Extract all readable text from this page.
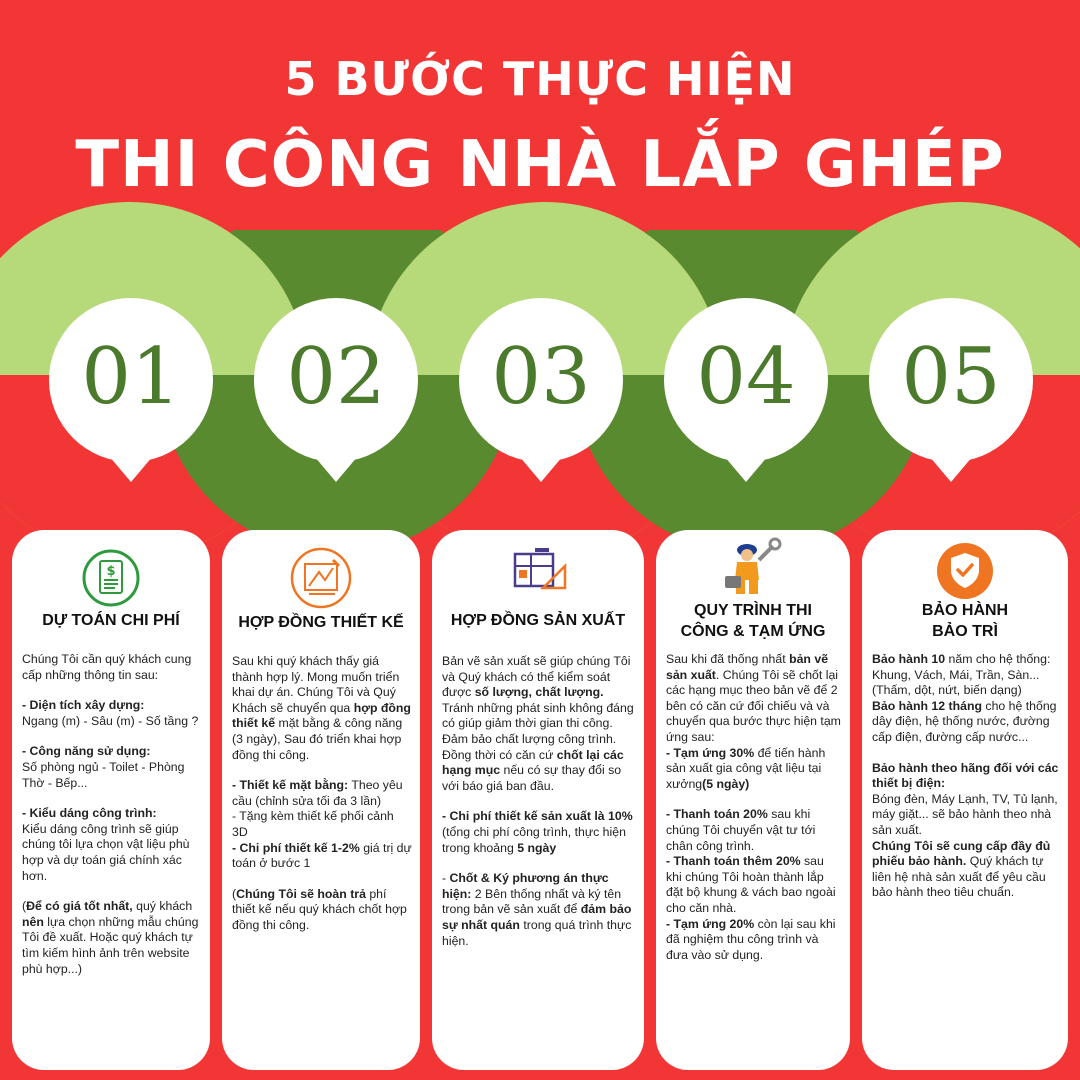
5 BƯỚC THỰC HIỆN
THI CÔNG NHÀ LẮP GHÉP
01	02	03	04	05
$
DỰ TOÁN CHI PHÍ

Chúng Tôi cần quý khách cung cấp những thông tin sau:

- Diện tích xây dựng:

Ngang (m) - Sâu (m) - Số tầng ?

- Công năng sử dụng:

Số phòng ngủ - Toilet - Phòng Thờ - Bếp...

- Kiểu dáng công trình:

Kiểu dáng công trình sẽ giúp chúng tôi lựa chọn vật liệu phù hợp và dự toán giá chính xác hơn.

(Để có giá tốt nhất, quý khách nên lựa chọn những mẫu chúng Tôi đề xuất. Hoặc quý khách tự tìm kiếm hình ảnh trên website phù hợp...)

HỢP ĐỒNG THIẾT KẾ

Sau khi quý khách thấy giá thành hợp lý. Mong muốn triển khai dự án. Chúng Tôi và Quý Khách sẽ chuyển qua hợp đồng thiết kế mặt bằng & công năng (3 ngày), Sau đó triển khai hợp đồng thi công.

- Thiết kế mặt bằng: Theo yêu cầu (chỉnh sửa tối đa 3 lần)

- Tặng kèm thiết kế phối cảnh 3D

- Chi phí thiết kế 1-2% giá trị dự toán ở bước 1

(Chúng Tôi sẽ hoàn trả phí thiết kế nếu quý khách chốt hợp đồng thi công.

HỢP ĐỒNG SẢN XUẤT

Bản vẽ sản xuất sẽ giúp chúng Tôi và Quý khách có thể kiểm soát được số lượng, chất lượng. Tránh những phát sinh không đáng có giúp giảm thời gian thi công. Đảm bảo chất lượng công trình. Đồng thời có căn cứ chốt lại các hạng mục nếu có sự thay đổi so với báo giá ban đầu.

- Chi phí thiết kế sản xuất là 10% (tổng chi phí công trình, thực hiện trong khoảng 5 ngày

- Chốt & Ký phương án thực hiện: 2 Bên thống nhất và ký tên trong bản vẽ sản xuất để đảm bảo sự nhất quán trong quá trình thực hiện.

QUY TRÌNH THI
CÔNG & TẠM ỨNG

Sau khi đã thống nhất bản vẽ sản xuất. Chúng Tôi sẽ chốt lại các hạng mục theo bản vẽ để 2 bên có căn cứ đối chiếu và và chuyển qua bước thực hiện tạm ứng sau:

- Tạm ứng 30% để tiến hành sản xuất gia công vật liệu tại xưởng(5 ngày)

- Thanh toán 20% sau khi chúng Tôi chuyển vật tư tới chân công trình.

- Thanh toán thêm 20% sau khi chúng Tôi hoàn thành lắp đặt bộ khung & vách bao ngoài cho căn nhà.

- Tạm ứng 20% còn lại sau khi đã nghiệm thu công trình và đưa vào sử dụng.

BẢO HÀNH
BẢO TRÌ

Bảo hành 10 năm cho hệ thống: Khung, Vách, Mái, Trần, Sàn...(Thấm, dột, nứt, biến dạng)

Bảo hành 12 tháng cho hệ thống dây điện, hệ thống nước, đường cấp điện, đường cấp nước...

Bảo hành theo hãng đối với các thiết bị điện:

Bóng đèn, Máy Lạnh, TV, Tủ lạnh, máy giặt... sẽ bảo hành theo nhà sản xuất.

Chúng Tôi sẽ cung cấp đầy đủ phiếu bảo hành. Quý khách tự liên hệ nhà sản xuất để yêu cầu bảo hành theo tiêu chuẩn.
